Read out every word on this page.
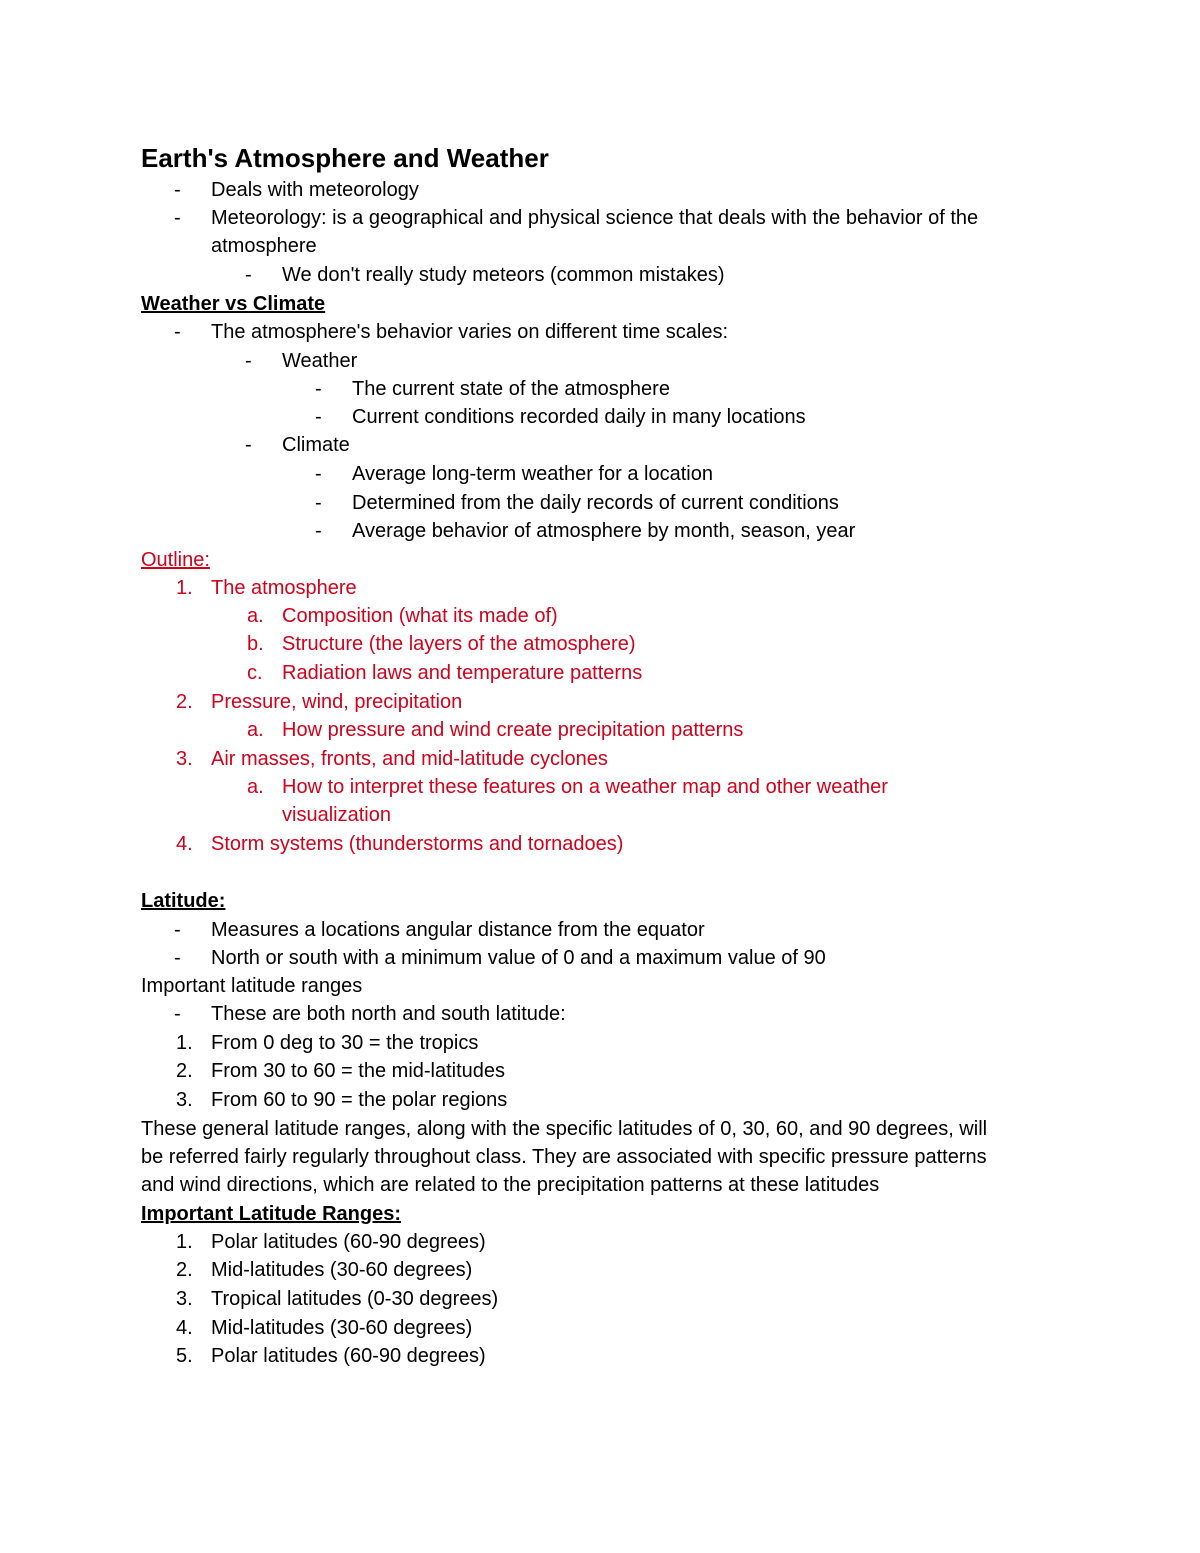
Earth's Atmosphere and Weather
- Deals with meteorology
- Meteorology: is a geographical and physical science that deals with the behavior of the
atmosphere
- We don't really study meteors (common mistakes)
Weather vs Climate
- The atmosphere's behavior varies on different time scales:
- Weather
- The current state of the atmosphere
- Current conditions recorded daily in many locations
- Climate
- Average long-term weather for a location
- Determined from the daily records of current conditions
- Average behavior of atmosphere by month, season, year
Outline:
1. The atmosphere
a. Composition (what its made of)
b. Structure (the layers of the atmosphere)
c. Radiation laws and temperature patterns
2. Pressure, wind, precipitation
a. How pressure and wind create precipitation patterns
3. Air masses, fronts, and mid-latitude cyclones
a. How to interpret these features on a weather map and other weather
visualization
4. Storm systems (thunderstorms and tornadoes)
Latitude:
- Measures a locations angular distance from the equator
- North or south with a minimum value of 0 and a maximum value of 90
Important latitude ranges
- These are both north and south latitude:
1. From 0 deg to 30 = the tropics
2. From 30 to 60 = the mid-latitudes
3. From 60 to 90 = the polar regions
These general latitude ranges, along with the specific latitudes of 0, 30, 60, and 90 degrees, will
be referred fairly regularly throughout class. They are associated with specific pressure patterns
and wind directions, which are related to the precipitation patterns at these latitudes
Important Latitude Ranges:
1. Polar latitudes (60-90 degrees)
2. Mid-latitudes (30-60 degrees)
3. Tropical latitudes (0-30 degrees)
4. Mid-latitudes (30-60 degrees)
5. Polar latitudes (60-90 degrees)
